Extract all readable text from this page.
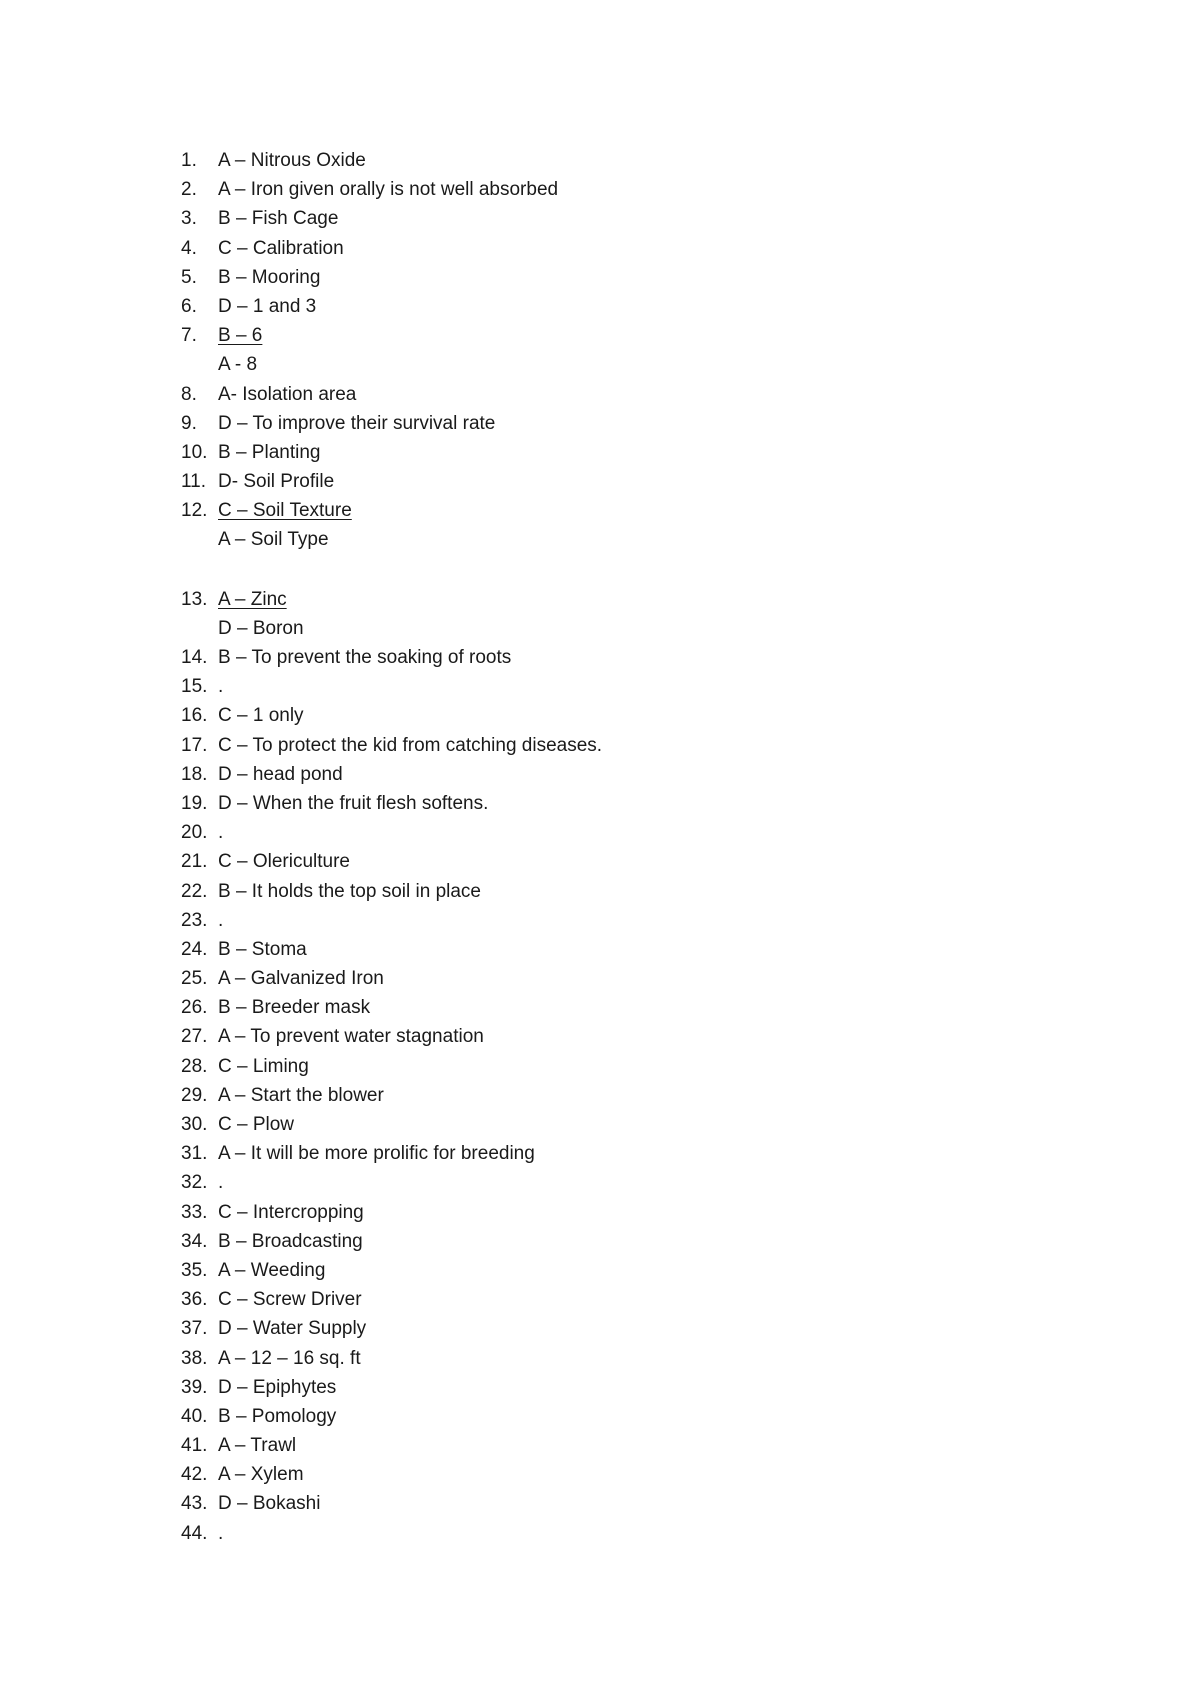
1.	A – Nitrous Oxide
2.	A – Iron given orally is not well absorbed
3.	B – Fish Cage
4.	C – Calibration
5.	B – Mooring
6.	D – 1 and 3
7.	B – 6
A - 8
8.	A- Isolation area
9.	D – To improve their survival rate
10. B – Planting
11. D- Soil Profile
12. C – Soil Texture
A – Soil Type
13. A – Zinc
D – Boron
14. B – To prevent the soaking of roots
15. .
16. C – 1 only
17. C – To protect the kid from catching diseases.
18. D – head pond
19. D – When the fruit flesh softens.
20. .
21. C – Olericulture
22. B – It holds the top soil in place
23. .
24. B – Stoma
25. A – Galvanized Iron
26. B – Breeder mask
27. A – To prevent water stagnation
28. C – Liming
29. A – Start the blower
30. C – Plow
31. A – It will be more prolific for breeding
32. .
33. C – Intercropping
34. B – Broadcasting
35. A – Weeding
36. C – Screw Driver
37. D – Water Supply
38. A – 12 – 16 sq. ft
39. D – Epiphytes
40. B – Pomology
41. A – Trawl
42. A – Xylem
43. D – Bokashi
44. .
